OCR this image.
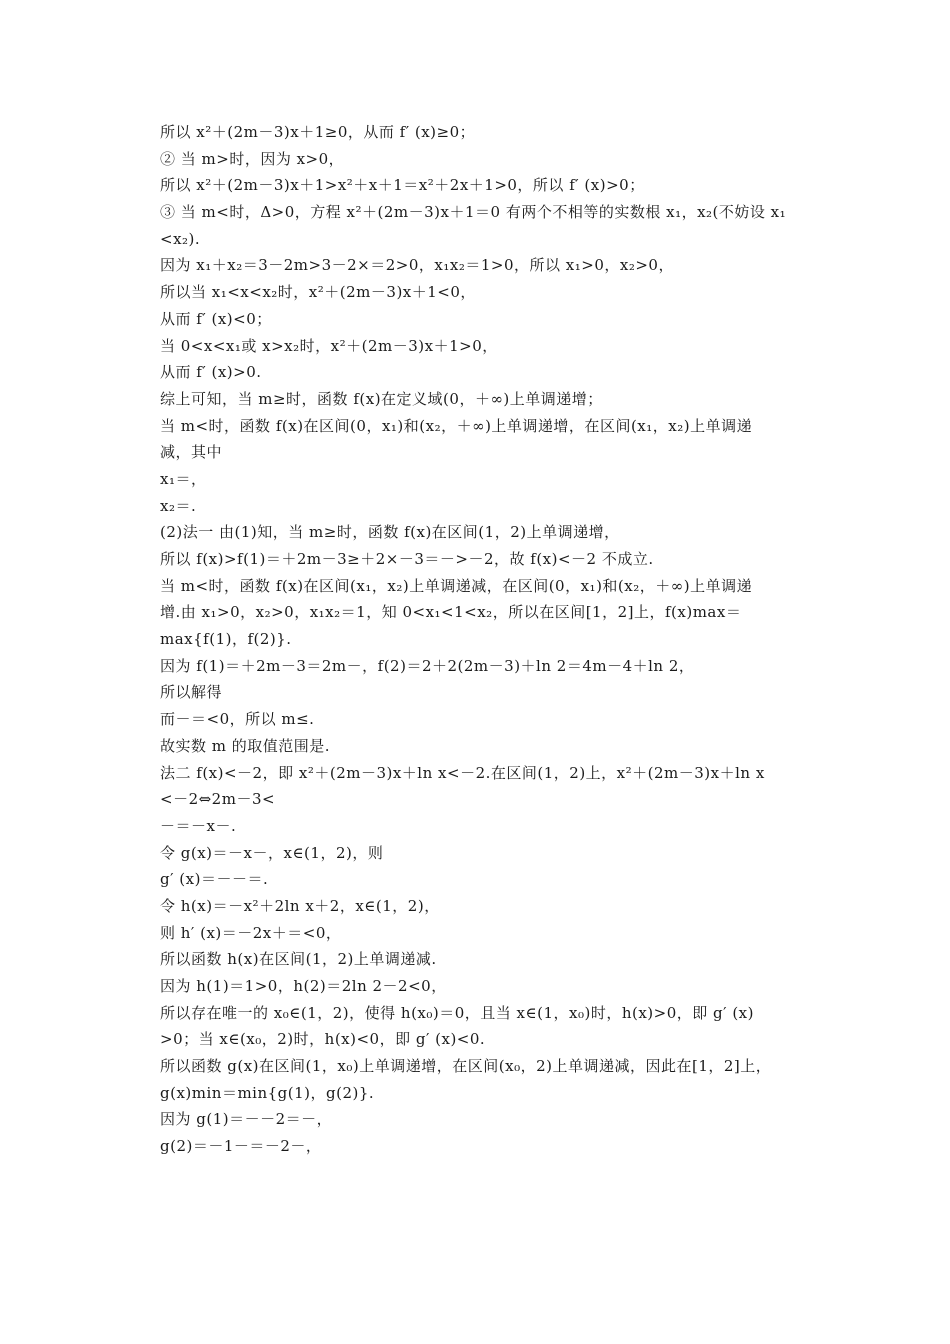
所以 x²＋(2m－3)x＋1≥0，从而 f′ (x)≥0；
② 当 m>时，因为 x>0，
所以 x²＋(2m－3)x＋1>x²＋x＋1＝x²＋2x＋1>0，所以 f′ (x)>0；
③ 当 m<时，Δ>0，方程 x²＋(2m－3)x＋1＝0 有两个不相等的实数根 x₁，x₂(不妨设 x₁
<x₂).
因为 x₁＋x₂＝3－2m>3－2×＝2>0，x₁x₂＝1>0，所以 x₁>0，x₂>0，
所以当 x₁<x<x₂时，x²＋(2m－3)x＋1<0，
从而 f′ (x)<0；
当 0<x<x₁或 x>x₂时，x²＋(2m－3)x＋1>0，
从而 f′ (x)>0.
综上可知，当 m≥时，函数 f(x)在定义域(0，＋∞)上单调递增；
当 m<时，函数 f(x)在区间(0，x₁)和(x₂，＋∞)上单调递增，在区间(x₁，x₂)上单调递
减，其中
x₁＝，
x₂＝.
(2)法一 由(1)知，当 m≥时，函数 f(x)在区间(1，2)上单调递增，
所以 f(x)>f(1)＝＋2m－3≥＋2×－3＝－>－2，故 f(x)<－2 不成立.
当 m<时，函数 f(x)在区间(x₁，x₂)上单调递减，在区间(0，x₁)和(x₂，＋∞)上单调递
增.由 x₁>0，x₂>0，x₁x₂＝1，知 0<x₁<1<x₂，所以在区间[1，2]上，f(x)max＝
max{f(1)，f(2)}.
因为 f(1)＝＋2m－3＝2m－，f(2)＝2＋2(2m－3)＋ln 2＝4m－4＋ln 2，
所以解得
而－＝<0，所以 m≤.
故实数 m 的取值范围是.
法二 f(x)<－2，即 x²＋(2m－3)x＋ln x<－2.在区间(1，2)上，x²＋(2m－3)x＋ln x
<－2⇔2m－3<
－＝－x－.
令 g(x)＝－x－，x∈(1，2)，则
g′ (x)＝－－＝.
令 h(x)＝－x²＋2ln x＋2，x∈(1，2)，
则 h′ (x)＝－2x＋＝<0，
所以函数 h(x)在区间(1，2)上单调递减.
因为 h(1)＝1>0，h(2)＝2ln 2－2<0，
所以存在唯一的 x₀∈(1，2)，使得 h(x₀)＝0，且当 x∈(1，x₀)时，h(x)>0，即 g′ (x)
>0；当 x∈(x₀，2)时，h(x)<0，即 g′ (x)<0.
所以函数 g(x)在区间(1，x₀)上单调递增，在区间(x₀，2)上单调递减，因此在[1，2]上，
g(x)min＝min{g(1)，g(2)}.
因为 g(1)＝－－2＝－，
g(2)＝－1－＝－2－，
